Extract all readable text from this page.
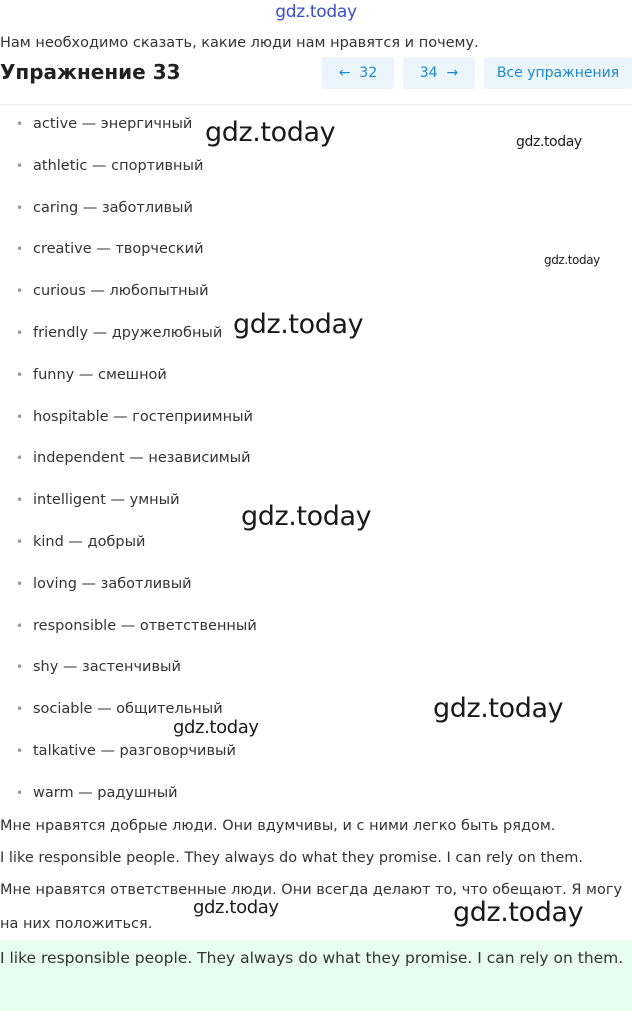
gdz.today
Нам необходимо сказать, какие люди нам нравятся и почему.
Упражнение 33	← 32	34 →	Все упражнения
• active — энергичный
• athletic — спортивный
• caring — заботливый
• creative — творческий
• curious — любопытный
• friendly — дружелюбный
• funny — смешной
• hospitable — гостеприимный
• independent — независимый
• intelligent — умный
• kind — добрый
• loving — заботливый
• responsible — ответственный
• shy — застенчивый
• sociable — общительный
• talkative — разговорчивый
• warm — радушный
Мне нравятся добрые люди. Они вдумчивы, и с ними легко быть рядом.
I like responsible people. They always do what they promise. I can rely on them.
Мне нравятся ответственные люди. Они всегда делают то, что обещают. Я могу на них положиться.
I like responsible people. They always do what they promise. I can rely on them.
gdz.today	gdz.today
gdz.today
gdz.today
gdz.today
gdz.today
gdz.today
gdz.today	gdz.today
